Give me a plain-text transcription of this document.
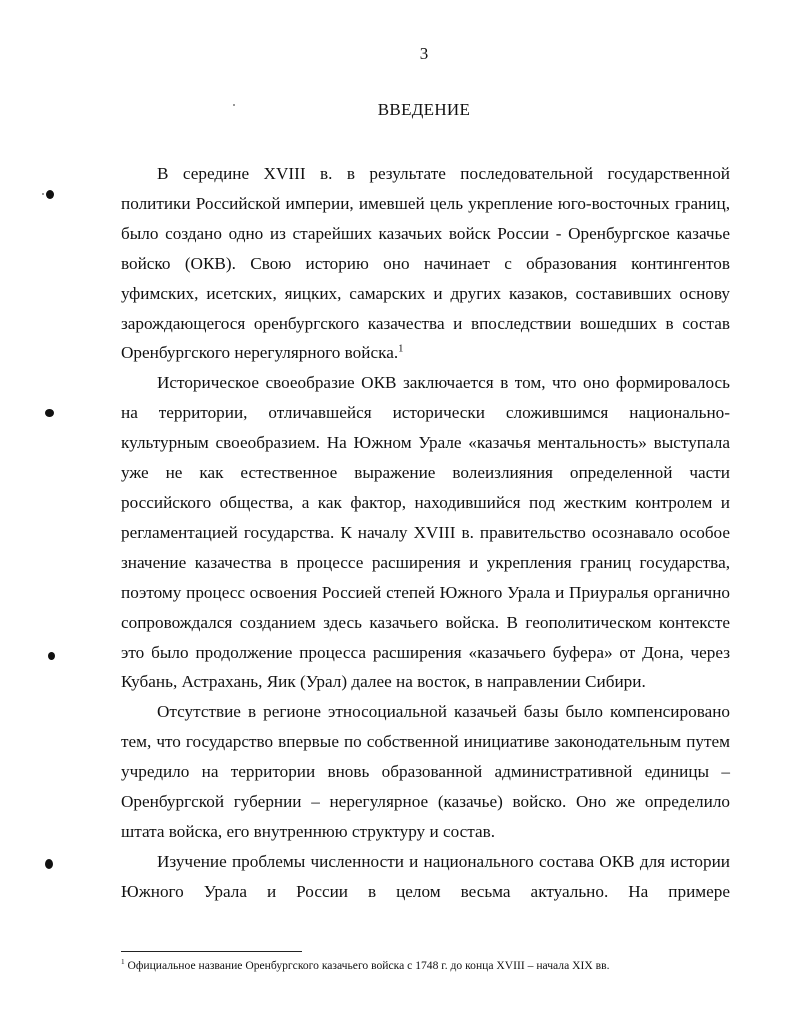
3
ВВЕДЕНИЕ

В середине XVIII в. в результате последовательной государственной политики Российской империи, имевшей цель укрепление юго-восточных границ, было создано одно из старейших казачьих войск России - Оренбургское казачье войско (ОКВ). Свою историю оно начинает с образования контингентов уфимских, исетских, яицких, самарских и других казаков, составивших основу зарождающегося оренбургского казачества и впоследствии вошедших в состав Оренбургского нерегулярного войска.$^1$

Историческое своеобразие ОКВ заключается в том, что оно формировалось на территории, отличавшейся исторически сложившимся национально-культурным своеобразием. На Южном Урале «казачья ментальность» выступала уже не как естественное выражение волеизлияния определенной части российского общества, а как фактор, находившийся под жестким контролем и регламентацией государства. К началу XVIII в. правительство осознавало особое значение казачества в процессе расширения и укрепления границ государства, поэтому процесс освоения Россией степей Южного Урала и Приуралья органично сопровождался созданием здесь казачьего войска. В геополитическом контексте это было продолжение процесса расширения «казачьего буфера» от Дона, через Кубань, Астрахань, Яик (Урал) далее на восток, в направлении Сибири.

Отсутствие в регионе этносоциальной казачьей базы было компенсировано тем, что государство впервые по собственной инициативе законодательным путем учредило на территории вновь образованной административной единицы – Оренбургской губернии – нерегулярное (казачье) войско. Оно же определило штата войска, его внутреннюю структуру и состав.

Изучение проблемы численности и национального состава ОКВ для истории Южного Урала и России в целом весьма актуально. На примере

$^1$ Официальное название Оренбургского казачьего войска с 1748 г. до конца XVIII – начала XIX вв.
